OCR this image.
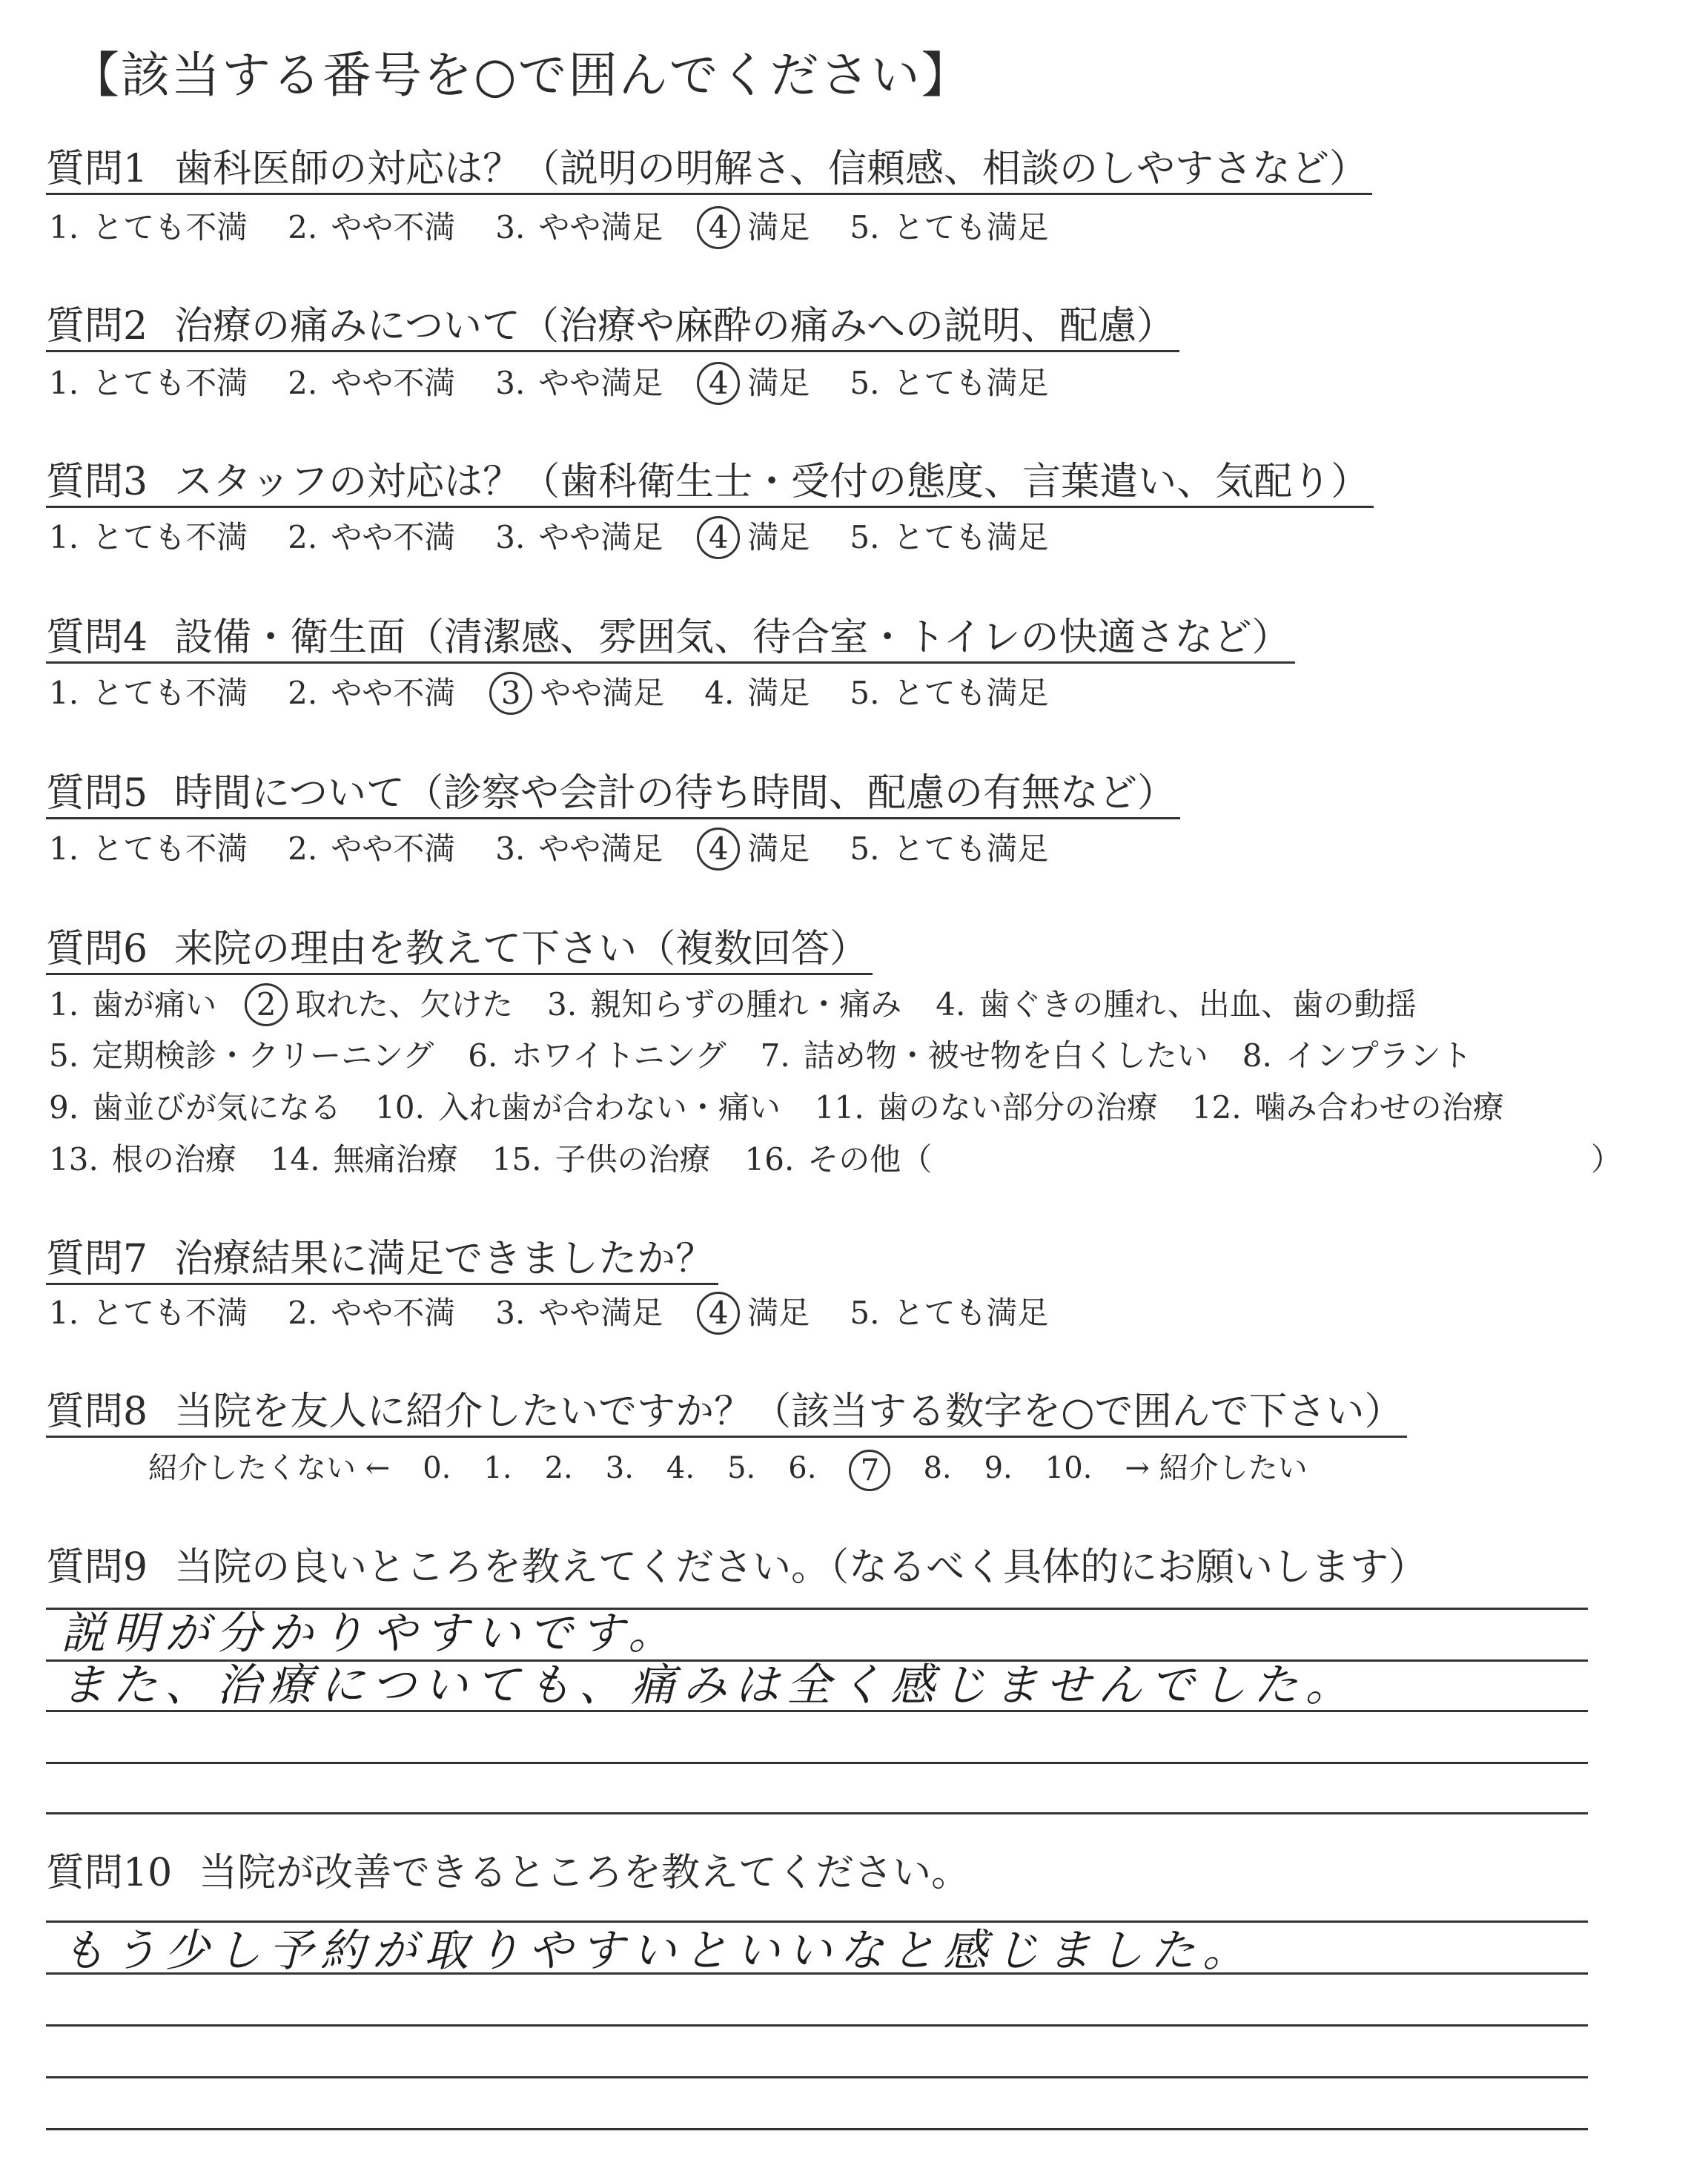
【該当する番号を○で囲んでください】
質問1 歯科医師の対応は？（説明の明解さ、信頼感、相談のしやすさなど）
1 . とても不満 2 . やや不満 3 . やや満足 4 満足 5 . とても満足
質問2 治療の痛みについて（治療や麻酔の痛みへの説明、配慮）
1 . とても不満 2 . やや不満 3 . やや満足 4 満足 5 . とても満足
質問3 スタッフの対応は？（歯科衛生士・受付の態度、言葉遣い、気配り）
1 . とても不満 2 . やや不満 3 . やや満足 4 満足 5 . とても満足
質問4 設備・衛生面（清潔感、雰囲気、待合室・トイレの快適さなど）
1 . とても不満 2 . やや不満 3 やや満足 4 . 満足 5 . とても満足
質問5 時間について（診察や会計の待ち時間、配慮の有無など）
1 . とても不満 2 . やや不満 3 . やや満足 4 満足 5 . とても満足
質問6 来院の理由を教えて下さい（複数回答）
1 . 歯が痛い 2 取れた、欠けた 3 . 親知らずの腫れ・痛み 4 . 歯ぐきの腫れ、出血、歯の動揺
5 . 定期検診・クリーニング 6 . ホワイトニング 7 . 詰め物・被せ物を白くしたい 8 . インプラント
9 . 歯並びが気になる 10 . 入れ歯が合わない・痛い 11 . 歯のない部分の治療 12 . 噛み合わせの治療
13 . 根の治療 14 . 無痛治療 15 . 子供の治療 16 . その他（	）
質問7 治療結果に満足できましたか？
1 . とても不満 2 . やや不満 3 . やや満足 4 満足 5 . とても満足
質問8 当院を友人に紹介したいですか？（該当する数字を○で囲んで下さい）
紹介したくない ← 0. 1. 2. 3. 4. 5. 6. 7 8. 9. 10. → 紹介したい
質問9 当院の良いところを教えてください。（なるべく具体的にお願いします）
説明が分かりやすいです。
また、治療についても、痛みは全く感じませんでした。
質問10 当院が改善できるところを教えてください。
もう少し予約が取りやすいといいなと感じました。
